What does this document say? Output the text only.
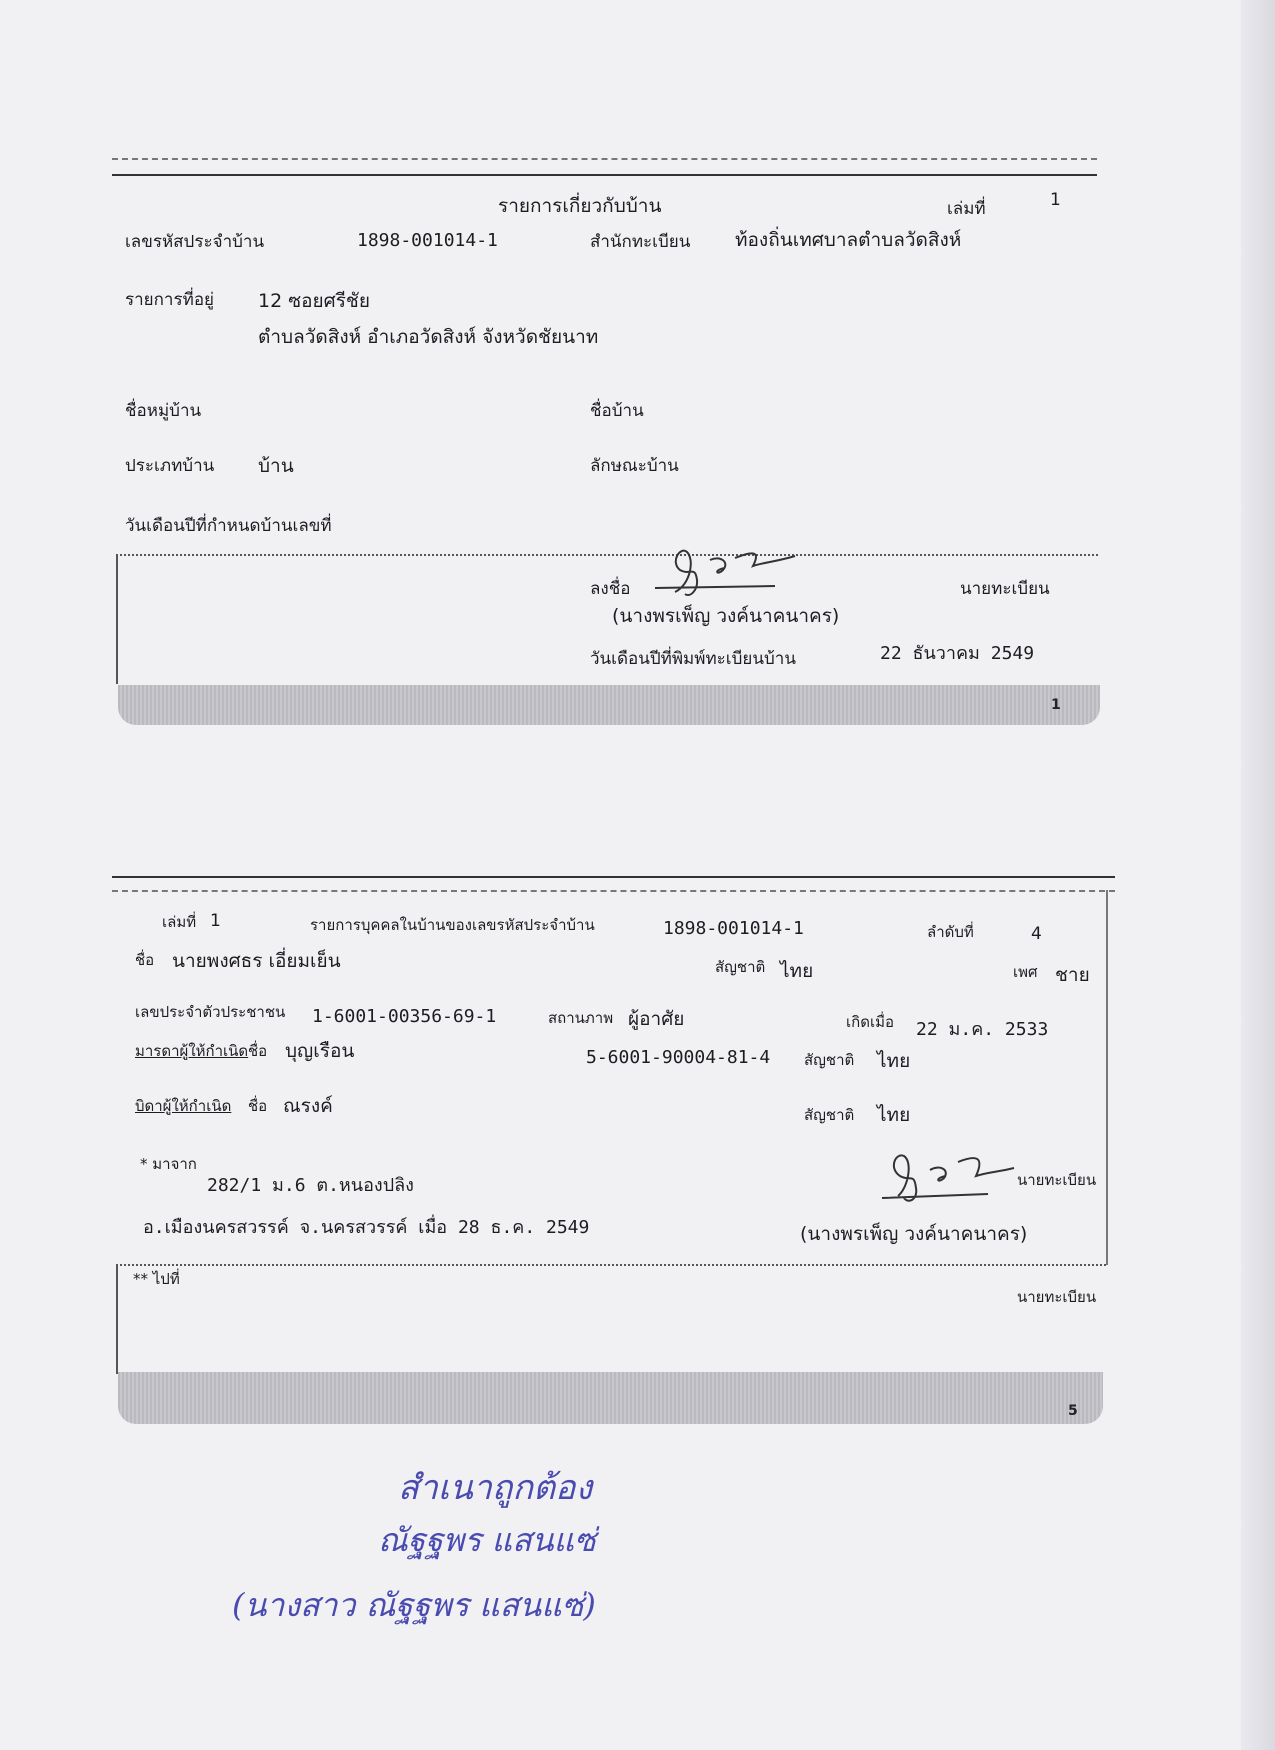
รายการเกี่ยวกับบ้าน	เล่มที่	1
เลขรหัสประจำบ้าน	1898-001014-1	สำนักทะเบียน ท้องถิ่นเทศบาลตำบลวัดสิงห์
รายการที่อยู่ 12 ซอยศรีชัย
ตำบลวัดสิงห์ อำเภอวัดสิงห์ จังหวัดชัยนาท
ชื่อหมู่บ้าน	ชื่อบ้าน
ประเภทบ้าน บ้าน	ลักษณะบ้าน
วันเดือนปีที่กำหนดบ้านเลขที่
ลงชื่อ	นายทะเบียน
(นางพรเพ็ญ วงค์นาคนาคร)
วันเดือนปีที่พิมพ์ทะเบียนบ้าน	22 ธันวาคม 2549
1
เล่มที่ 1	รายการบุคคลในบ้านของเลขรหัสประจำบ้าน	1898-001014-1	ลำดับที่	4
ชื่อ นายพงศธร เอี่ยมเย็น	สัญชาติ ไทย	เพศ ชาย
เลขประจำตัวประชาชน 1-6001-00356-69-1	สถานภาพ ผู้อาศัย	เกิดเมื่อ 22 ม.ค. 2533
มารดาผู้ให้กำเนิด ชื่อ บุญเรือน	5-6001-90004-81-4 สัญชาติ ไทย
บิดาผู้ให้กำเนิด ชื่อ ณรงค์	สัญชาติ ไทย
* มาจาก
282/1 ม.6 ต.หนองปลิง
อ.เมืองนครสวรรค์ จ.นครสวรรค์ เมื่อ 28 ธ.ค. 2549
นายทะเบียน
(นางพรเพ็ญ วงค์นาคนาคร)
** ไปที่
นายทะเบียน
5
สำเนาถูกต้อง
ณัฐฐพร แสนแซ่
(นางสาว ณัฐฐพร แสนแซ่)
